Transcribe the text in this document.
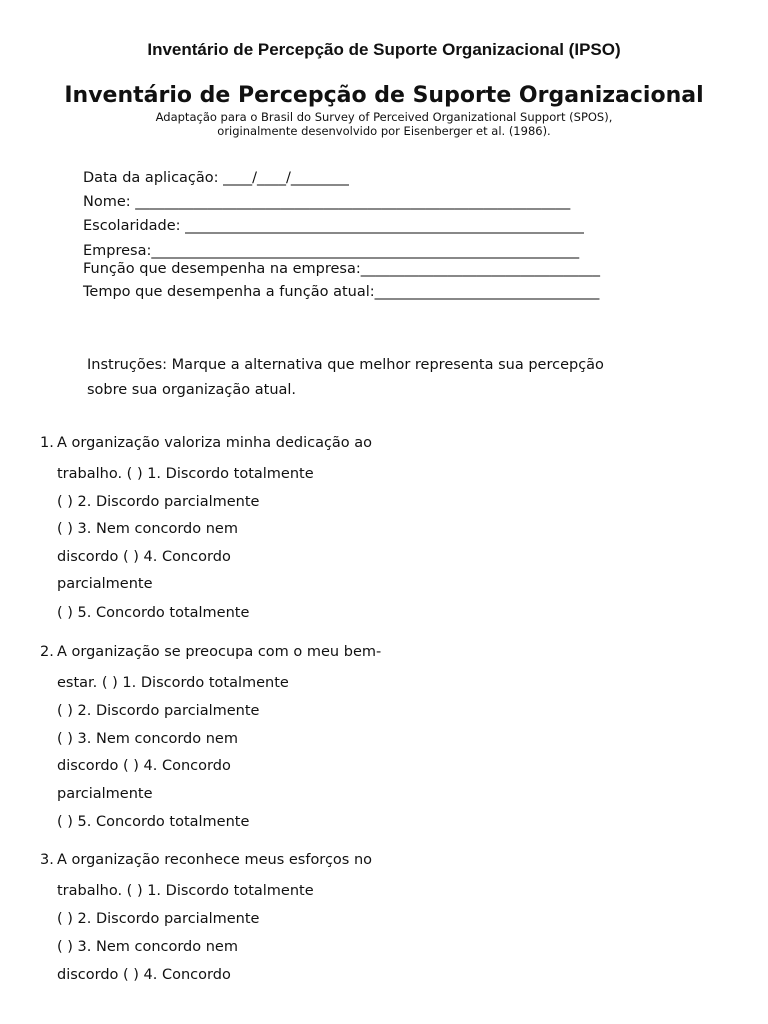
Inventário de Percepção de Suporte Organizacional (IPSO)
Inventário de Percepção de Suporte Organizacional
Adaptação para o Brasil do Survey of Perceived Organizational Support (SPOS),
originalmente desenvolvido por Eisenberger et al. (1986).
Data da aplicação: ____/____/________
Nome: ____________________________________________________________
Escolaridade: _______________________________________________________
Empresa:___________________________________________________________
Função que desempenha na empresa:_________________________________
Tempo que desempenha a função atual:_______________________________
Instruções: Marque a alternativa que melhor representa sua percepção
sobre sua organização atual.
1. A organização valoriza minha dedicação ao
trabalho. ( ) 1. Discordo totalmente
( ) 2. Discordo parcialmente
( ) 3. Nem concordo nem
discordo ( ) 4. Concordo
parcialmente
( ) 5. Concordo totalmente
2. A organização se preocupa com o meu bem-
estar. ( ) 1. Discordo totalmente
( ) 2. Discordo parcialmente
( ) 3. Nem concordo nem
discordo ( ) 4. Concordo
parcialmente
( ) 5. Concordo totalmente
3. A organização reconhece meus esforços no
trabalho. ( ) 1. Discordo totalmente
( ) 2. Discordo parcialmente
( ) 3. Nem concordo nem
discordo ( ) 4. Concordo
